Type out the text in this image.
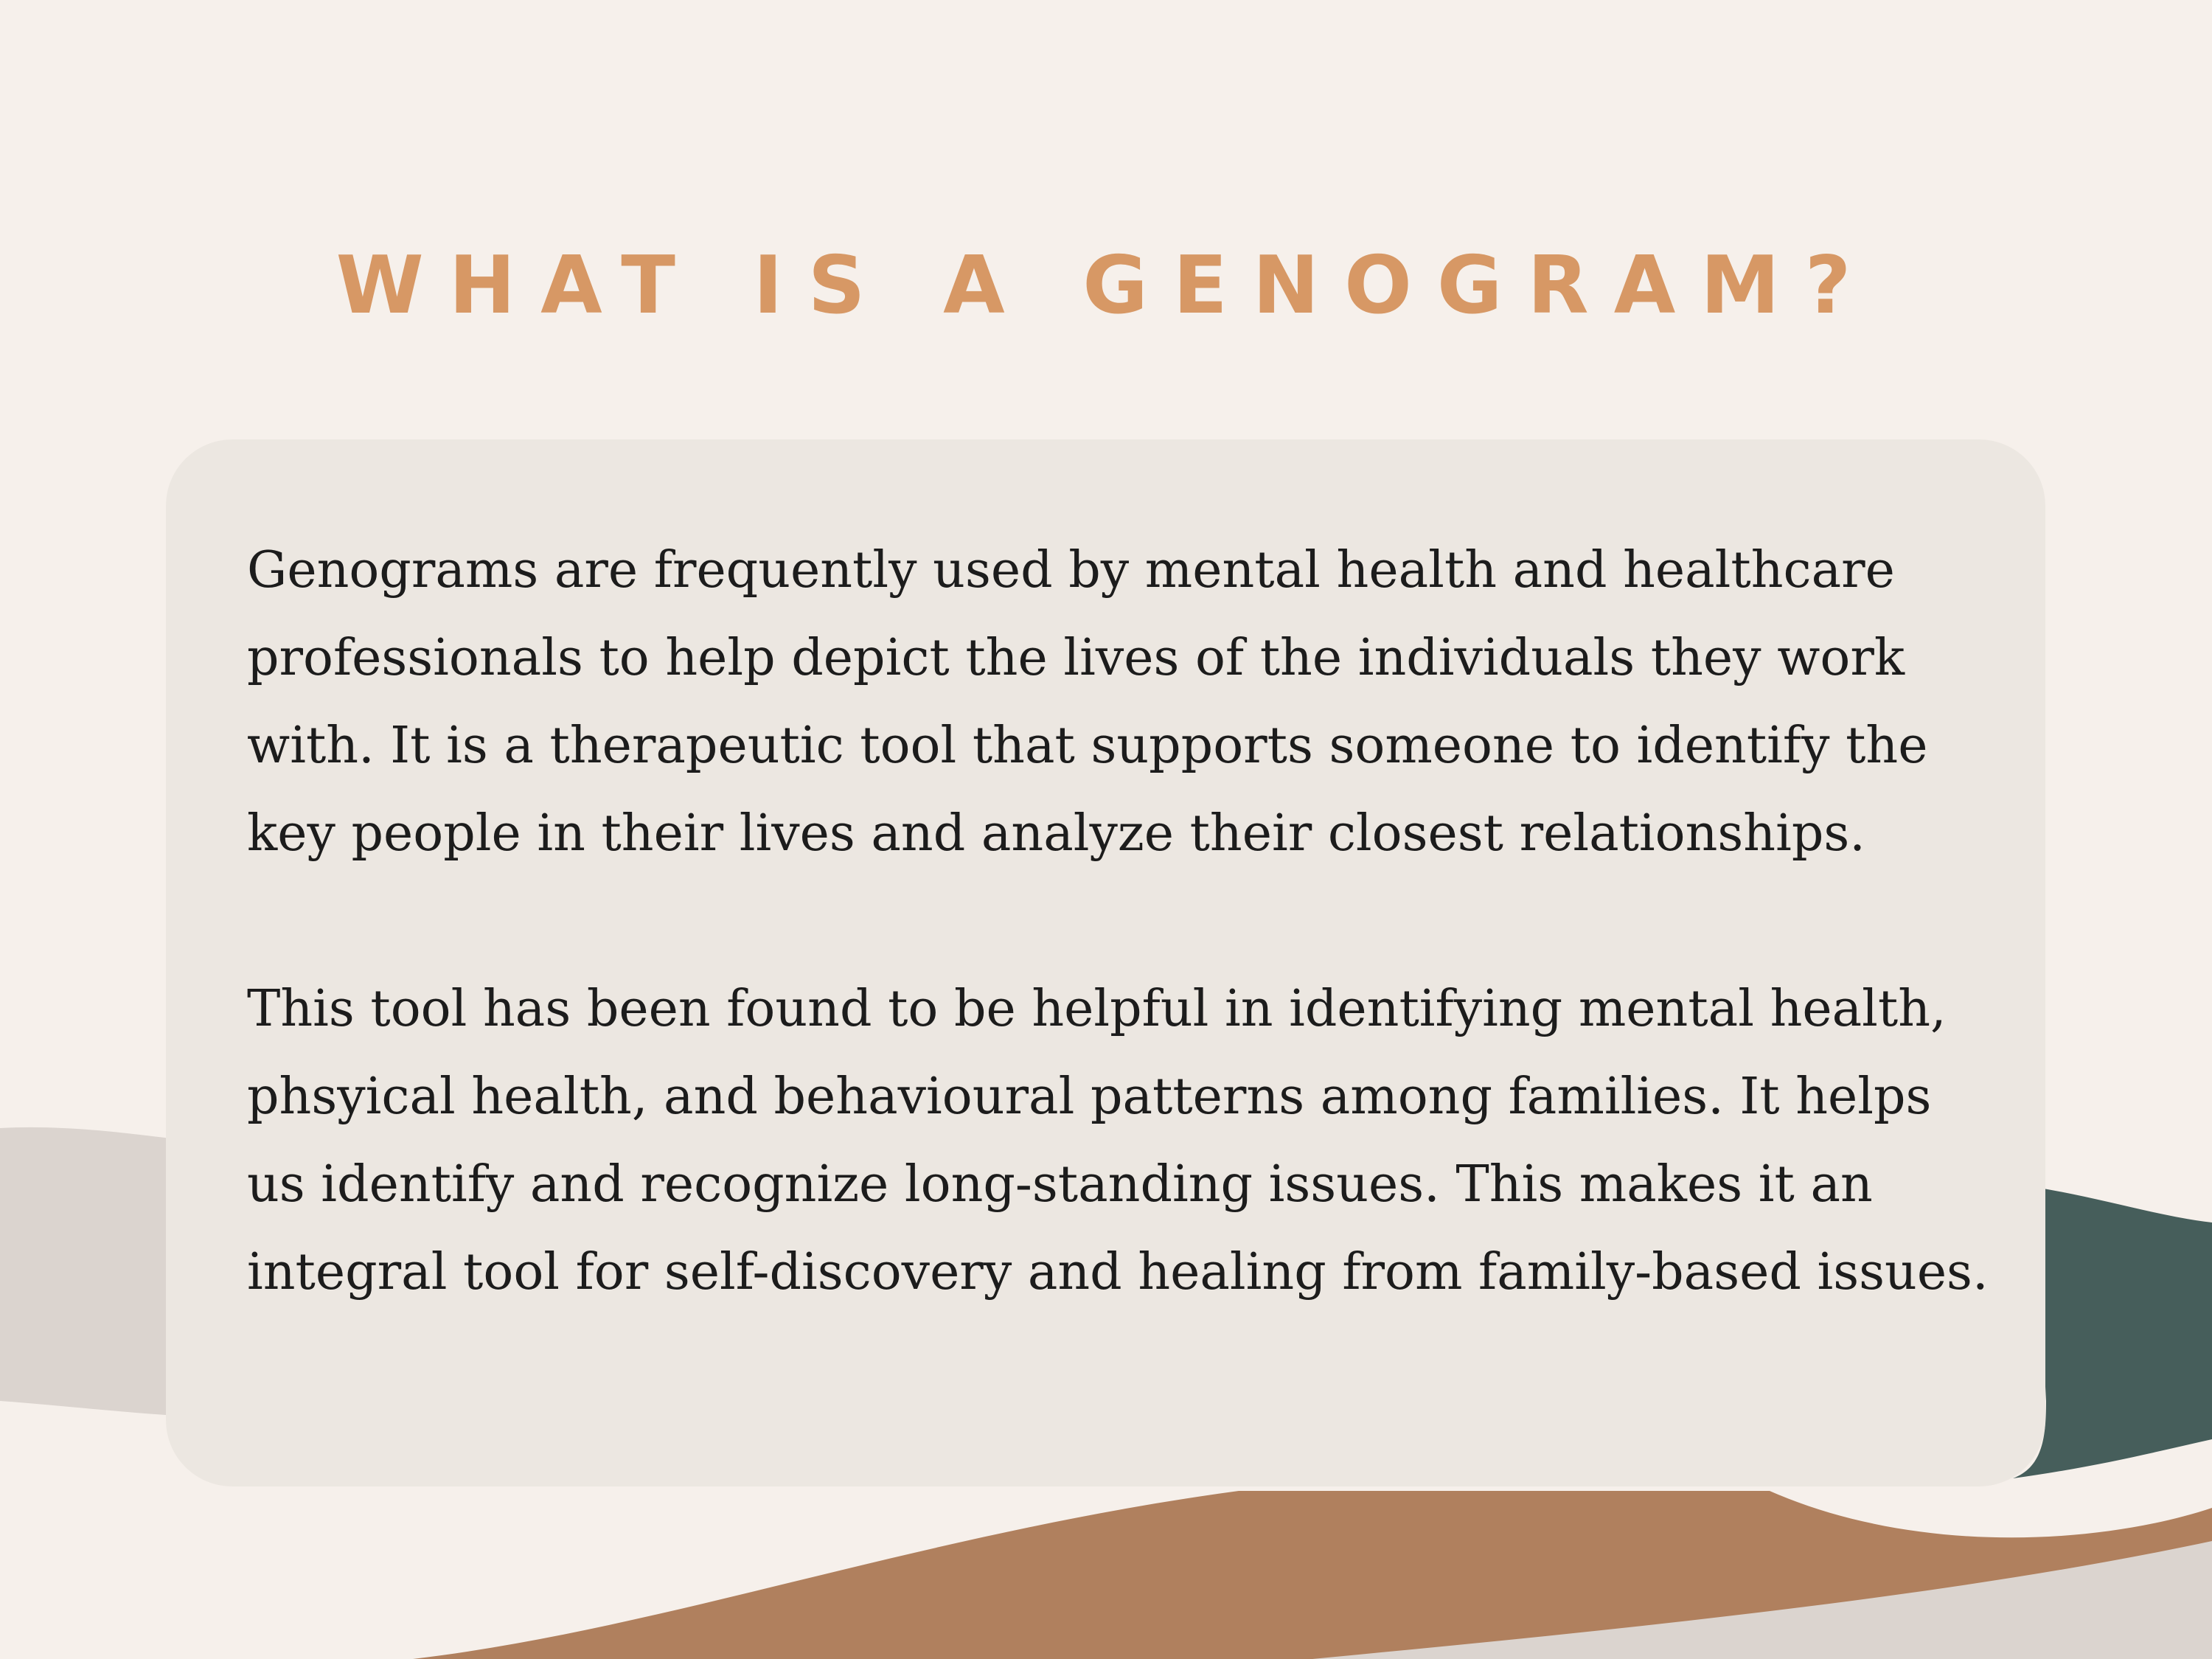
WHAT IS A GENOGRAM?

Genograms are frequently used by mental health and healthcare professionals to help depict the lives of the individuals they work with. It is a therapeutic tool that supports someone to identify the key people in their lives and analyze their closest relationships.

This tool has been found to be helpful in identifying mental health, phsyical health, and behavioural patterns among families. It helps us identify and recognize long-standing issues. This makes it an integral tool for self-discovery and healing from family-based issues.
